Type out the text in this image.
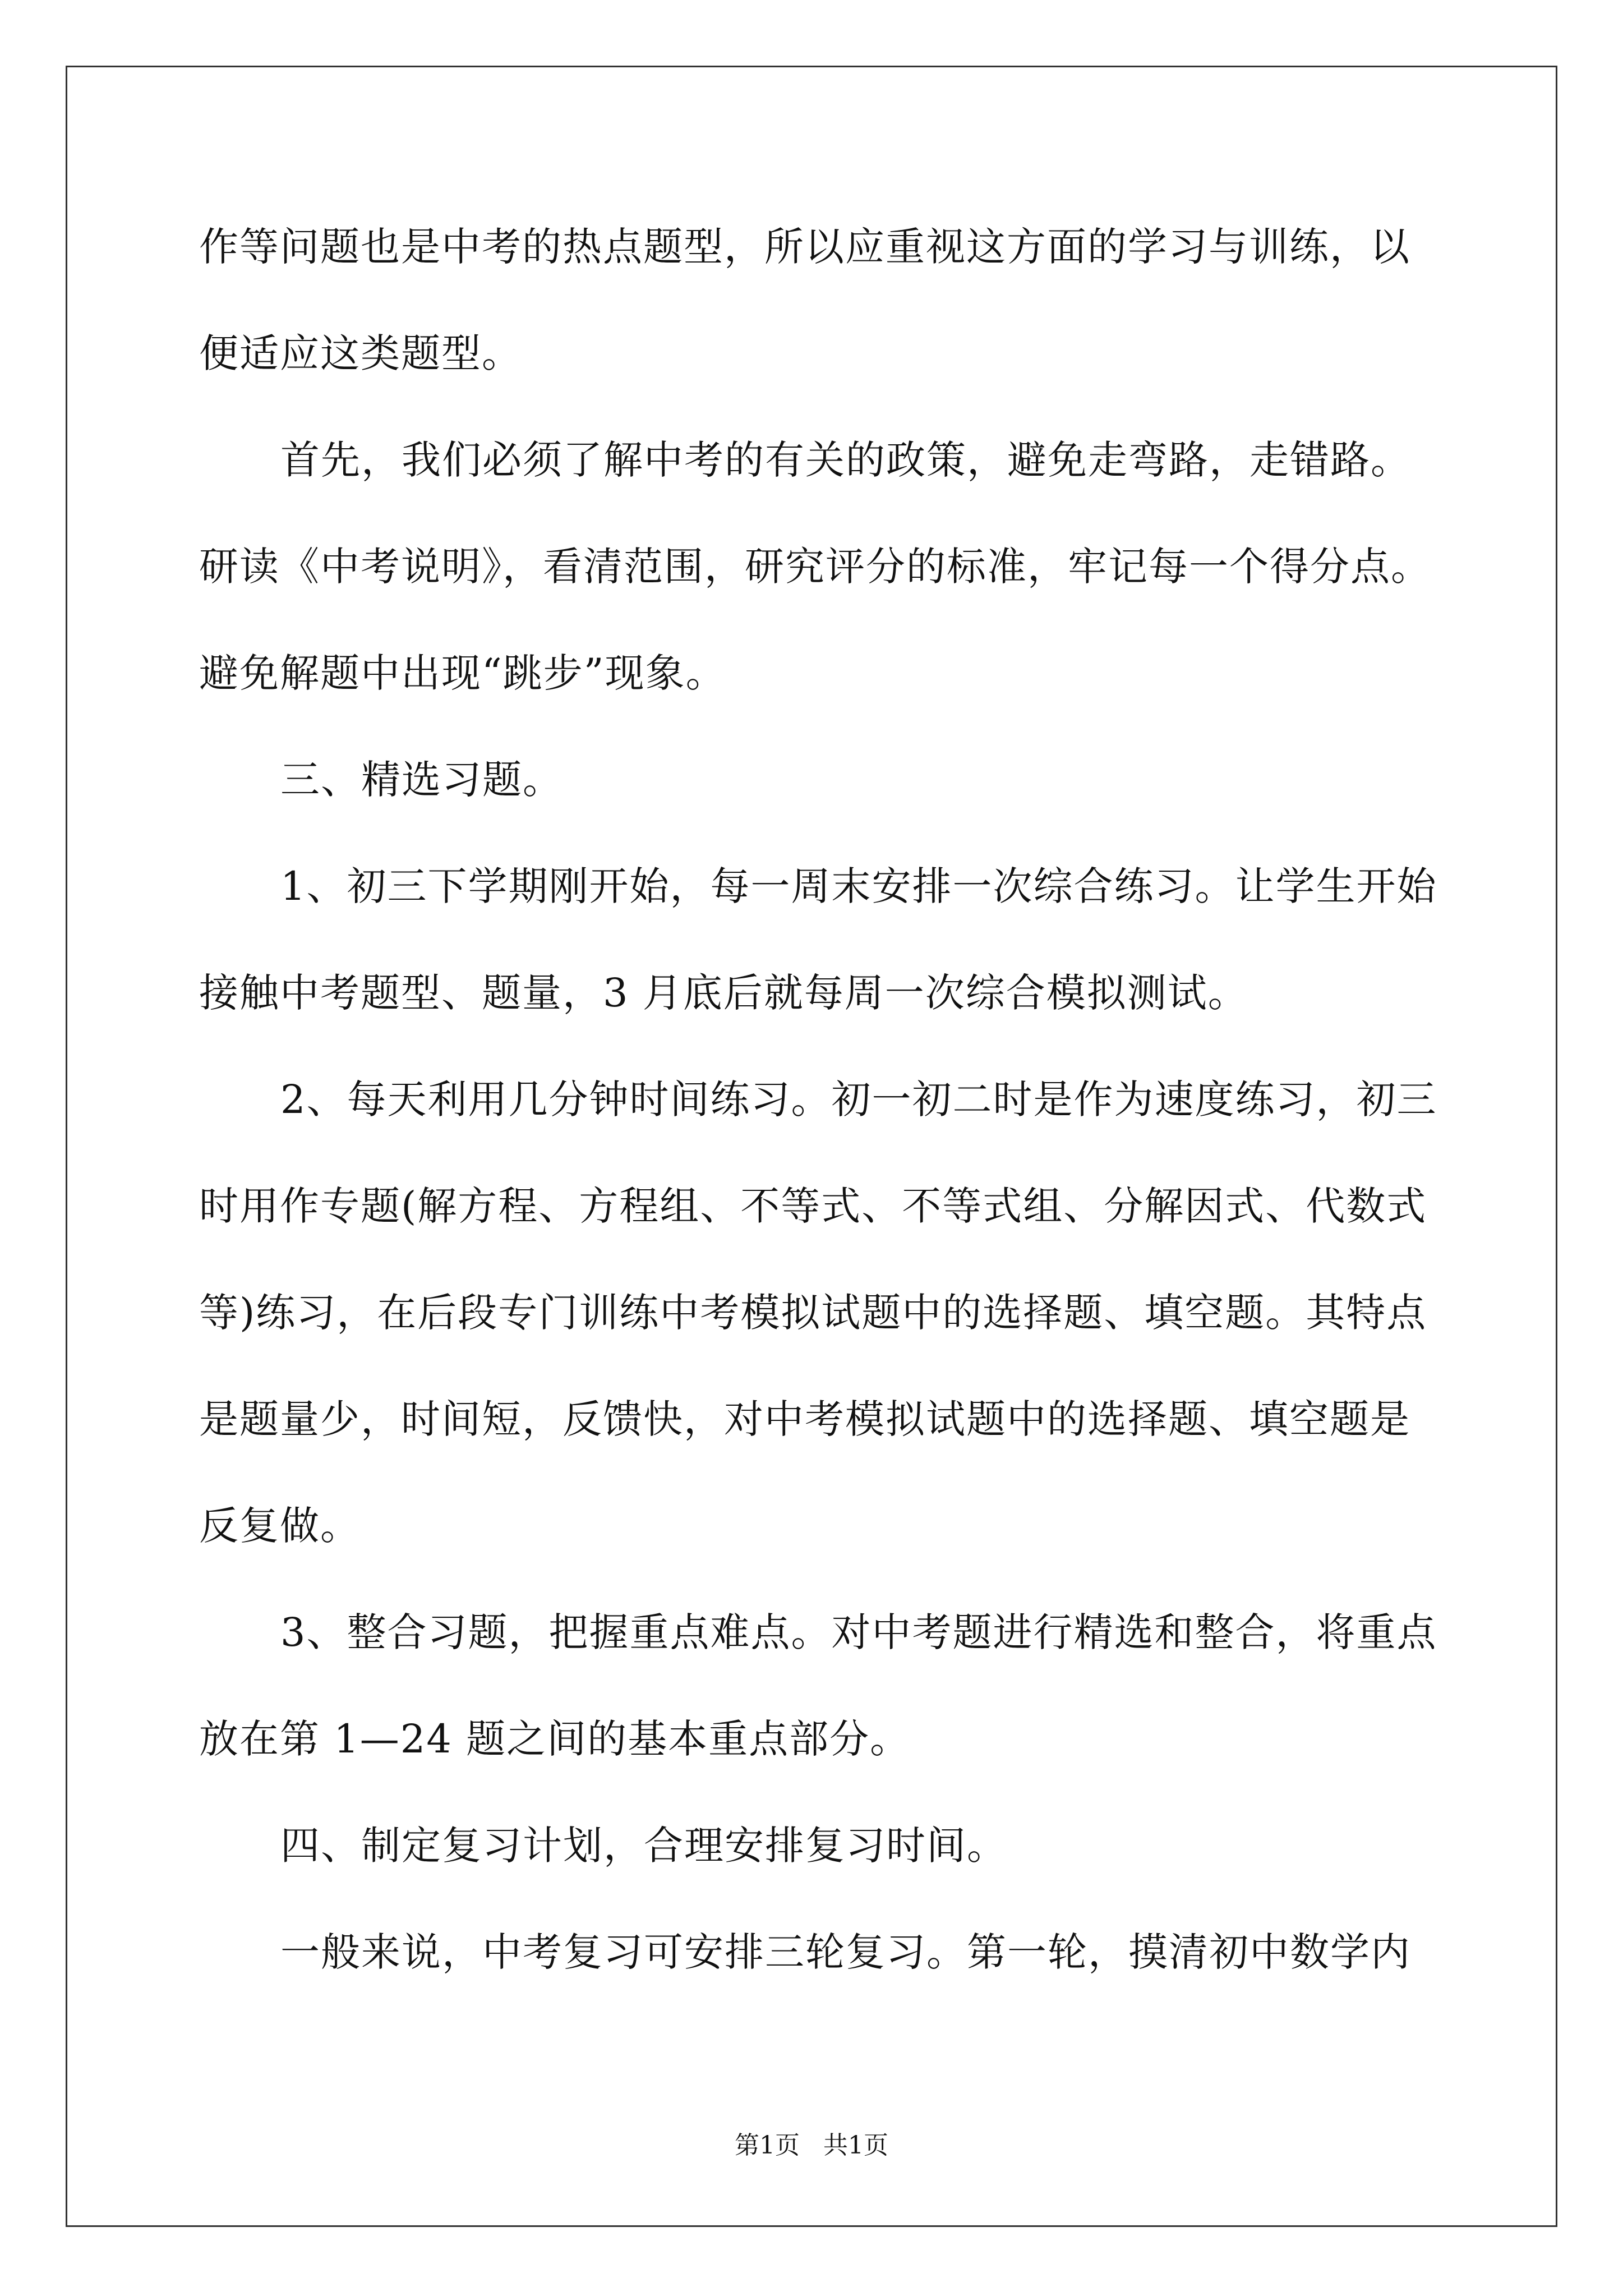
作等问题也是中考的热点题型，所以应重视这方面的学习与训练，以
便适应这类题型。
首先，我们必须了解中考的有关的政策，避免走弯路，走错路。
研读《中考说明》，看清范围，研究评分的标准，牢记每一个得分点。
避免解题中出现“跳步”现象。
三、精选习题。
1、初三下学期刚开始，每一周末安排一次综合练习。让学生开始
接触中考题型、题量，3 月底后就每周一次综合模拟测试。
2、每天利用几分钟时间练习。初一初二时是作为速度练习，初三
时用作专题(解方程、方程组、不等式、不等式组、分解因式、代数式
等)练习，在后段专门训练中考模拟试题中的选择题、填空题。其特点
是题量少，时间短，反馈快，对中考模拟试题中的选择题、填空题是
反复做。
3、整合习题，把握重点难点。对中考题进行精选和整合，将重点
放在第 1—24 题之间的基本重点部分。
四、制定复习计划，合理安排复习时间。
一般来说，中考复习可安排三轮复习。第一轮，摸清初中数学内
第1页   共1页
